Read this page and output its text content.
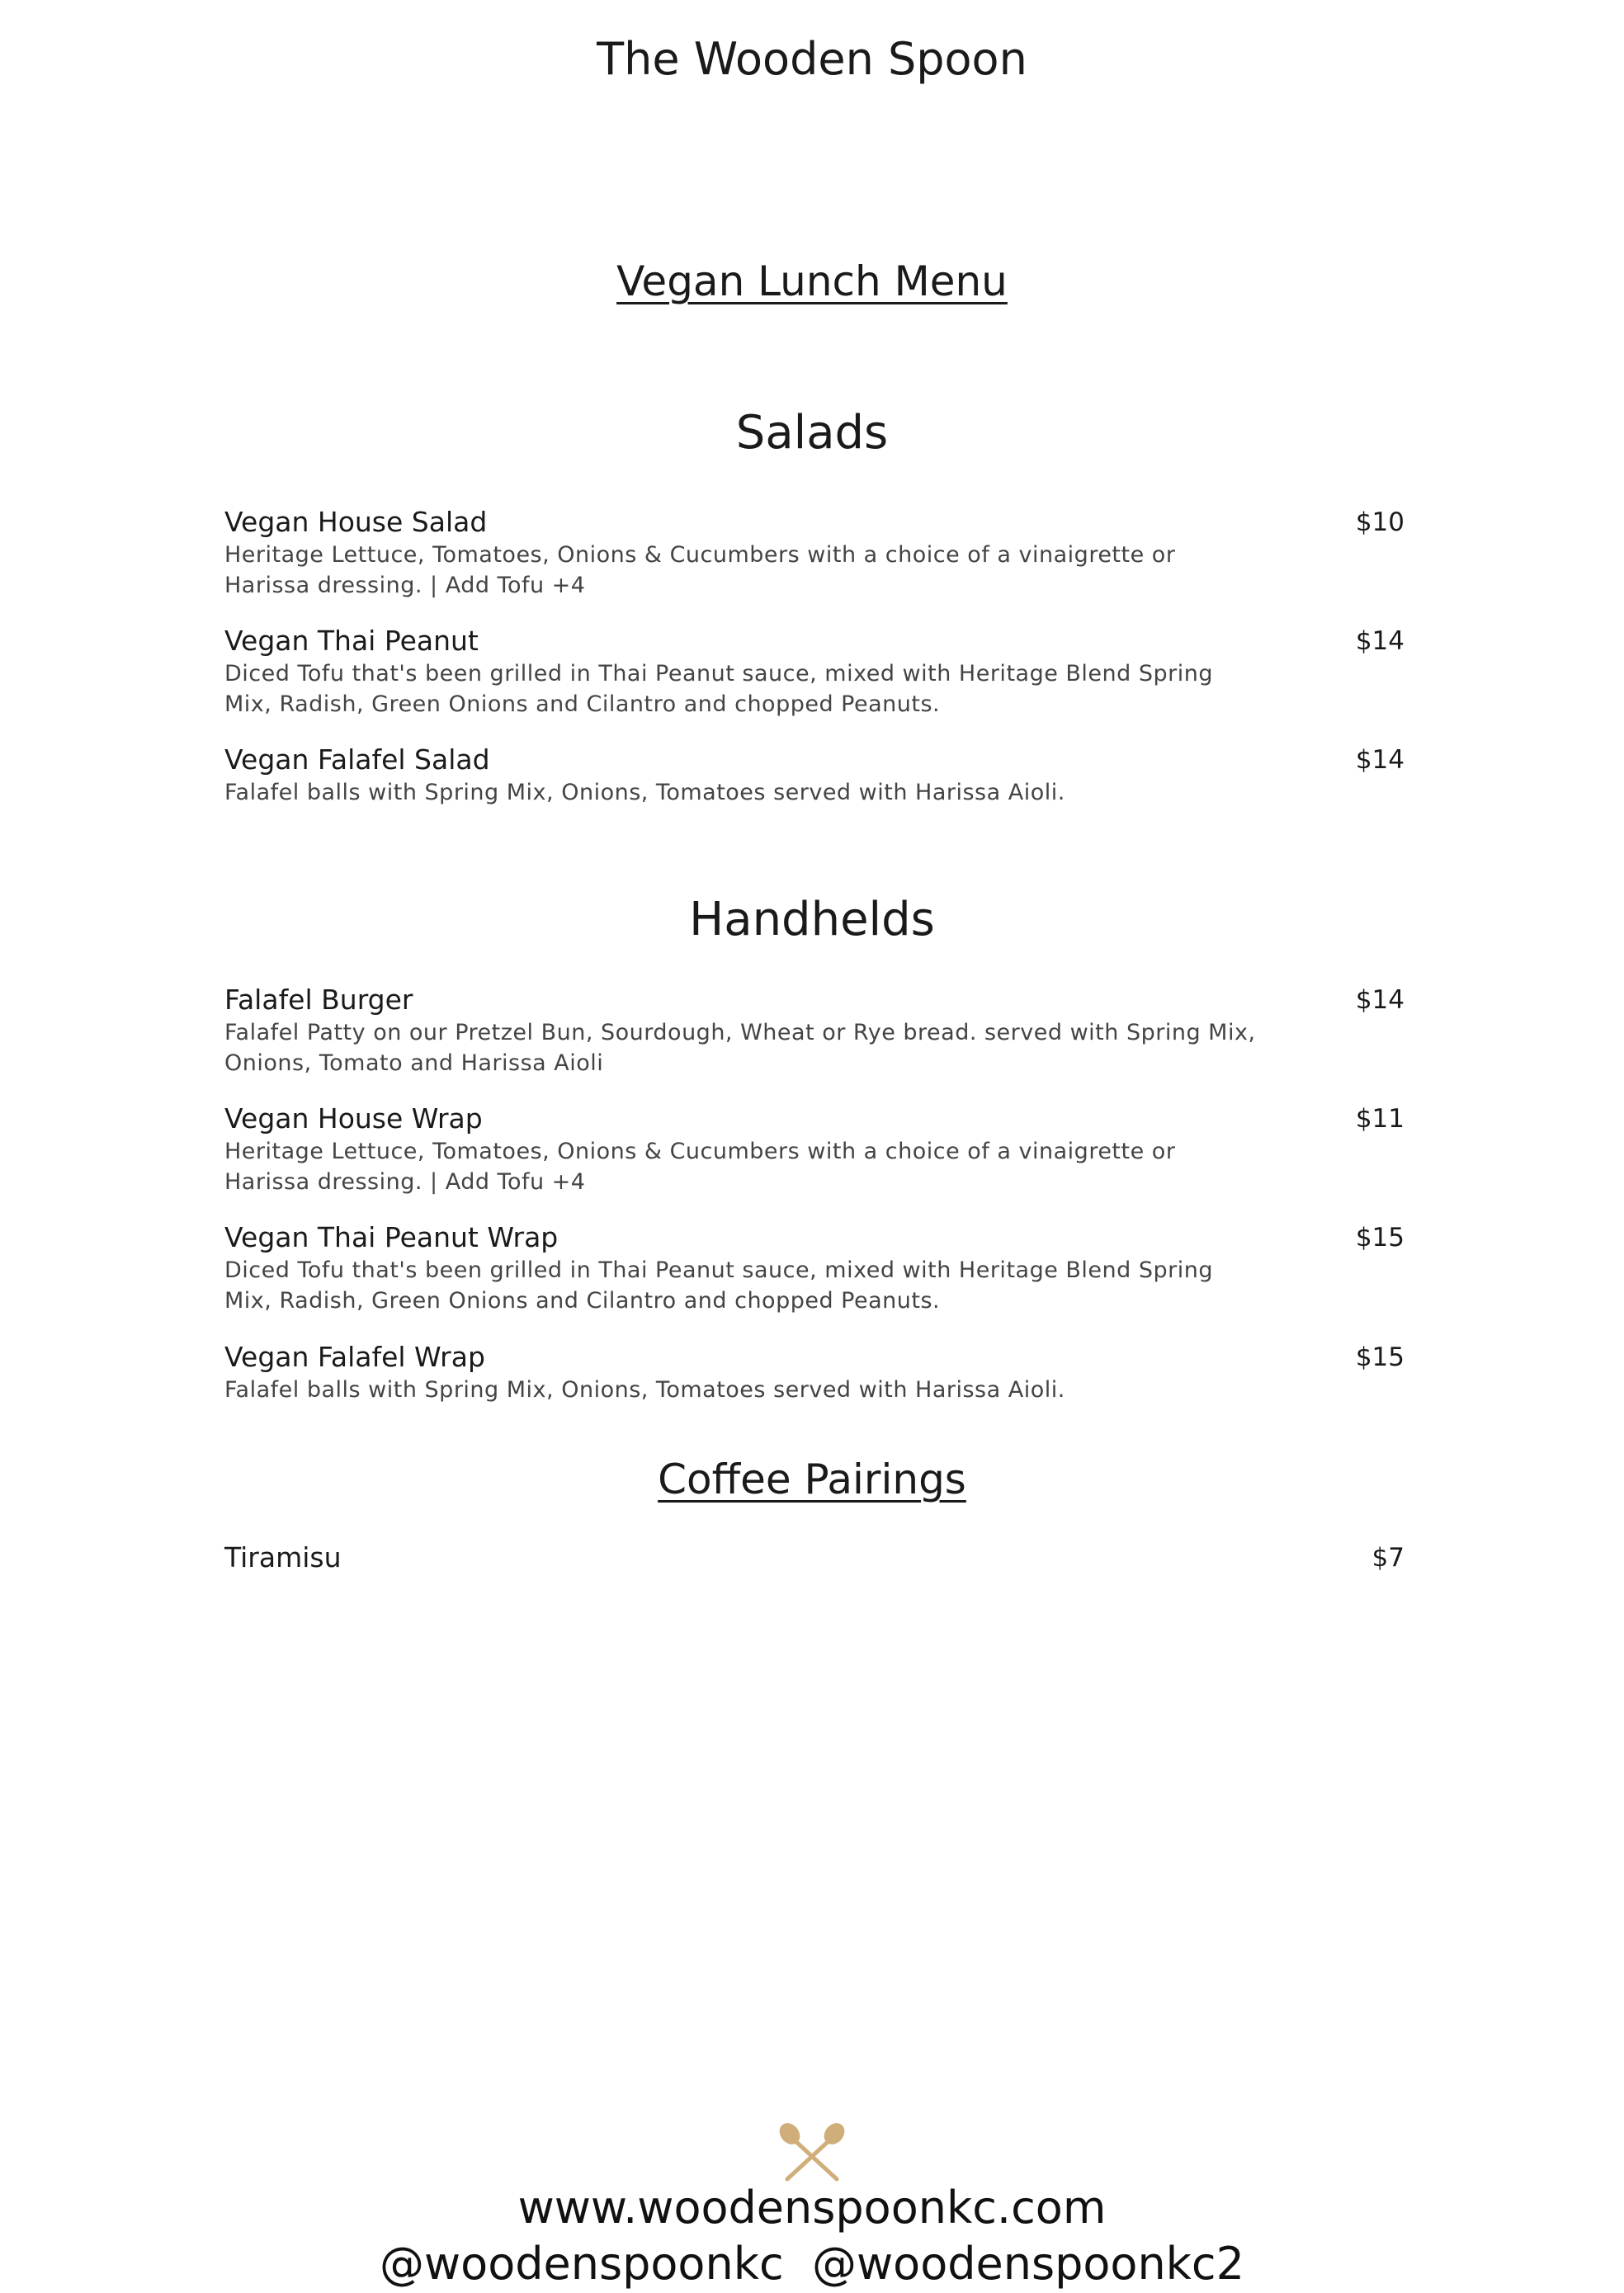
The Wooden Spoon
Vegan Lunch Menu
Salads
Vegan House Salad	$10
Heritage Lettuce, Tomatoes, Onions & Cucumbers with a choice of a vinaigrette or Harissa dressing. | Add Tofu +4
Vegan Thai Peanut	$14
Diced Tofu that's been grilled in Thai Peanut sauce, mixed with Heritage Blend Spring Mix, Radish, Green Onions and Cilantro and chopped Peanuts.
Vegan Falafel Salad	$14
Falafel balls with Spring Mix, Onions, Tomatoes served with Harissa Aioli.
Handhelds
Falafel Burger	$14
Falafel Patty on our Pretzel Bun, Sourdough, Wheat or Rye bread. served with Spring Mix, Onions, Tomato and Harissa Aioli
Vegan House Wrap	$11
Heritage Lettuce, Tomatoes, Onions & Cucumbers with a choice of a vinaigrette or Harissa dressing. | Add Tofu +4
Vegan Thai Peanut Wrap	$15
Diced Tofu that's been grilled in Thai Peanut sauce, mixed with Heritage Blend Spring Mix, Radish, Green Onions and Cilantro and chopped Peanuts.
Vegan Falafel Wrap	$15
Falafel balls with Spring Mix, Onions, Tomatoes served with Harissa Aioli.
Coffee Pairings
Tiramisu	$7
www.woodenspoonkc.com
@woodenspoonkc  @woodenspoonkc2
